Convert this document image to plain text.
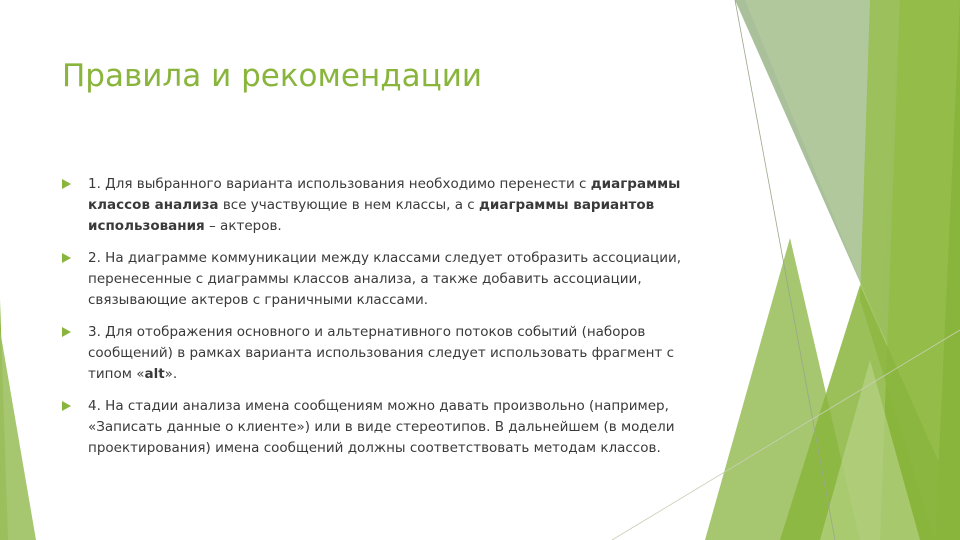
Правила и рекомендации
1. Для выбранного варианта использования необходимо перенести с диаграммы классов анализа все участвующие в нем классы, а с диаграммы вариантов использования – актеров.
2. На диаграмме коммуникации между классами следует отобразить ассоциации, перенесенные с диаграммы классов анализа, а также добавить ассоциации, связывающие актеров с граничными классами.
3. Для отображения основного и альтернативного потоков событий (наборов сообщений) в рамках варианта использования следует использовать фрагмент с типом «alt».
4. На стадии анализа имена сообщениям можно давать произвольно (например, «Записать данные о клиенте») или в виде стереотипов. В дальнейшем (в модели проектирования) имена сообщений должны соответствовать методам классов.
